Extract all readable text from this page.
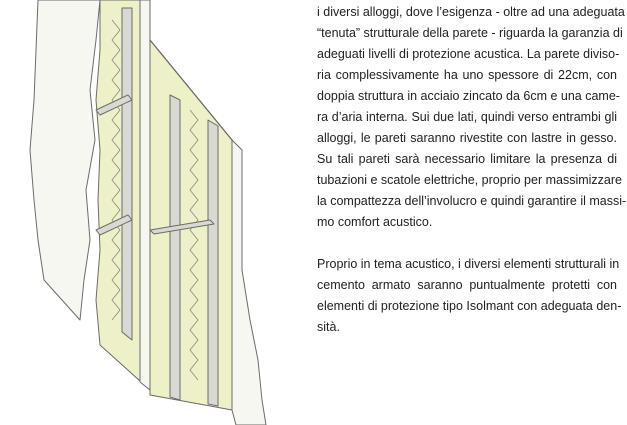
i diversi alloggi, dove l’esigenza - oltre ad una adeguata
“tenuta” strutturale della parete - riguarda la garanzia di
adeguati livelli di protezione acustica. La parete divisо-
ria complessivamente ha uno spessore di 22cm, con
doppia struttura in acciaio zincato da 6cm e una came-
ra d’aria interna. Sui due lati, quindi verso entrambi gli
alloggi, le pareti saranno rivestite con lastre in gesso.
Su tali pareti sarà necessario limitare la presenza di
tubazioni e scatole elettriche, proprio per massimizzare
la compattezza dell’involucro e quindi garantire il massi-
mo comfort acustico.
Proprio in tema acustico, i diversi elementi strutturali in
cemento armato saranno puntualmente protetti con
elementi di protezione tipo Isolmant con adeguata den-
sità.
